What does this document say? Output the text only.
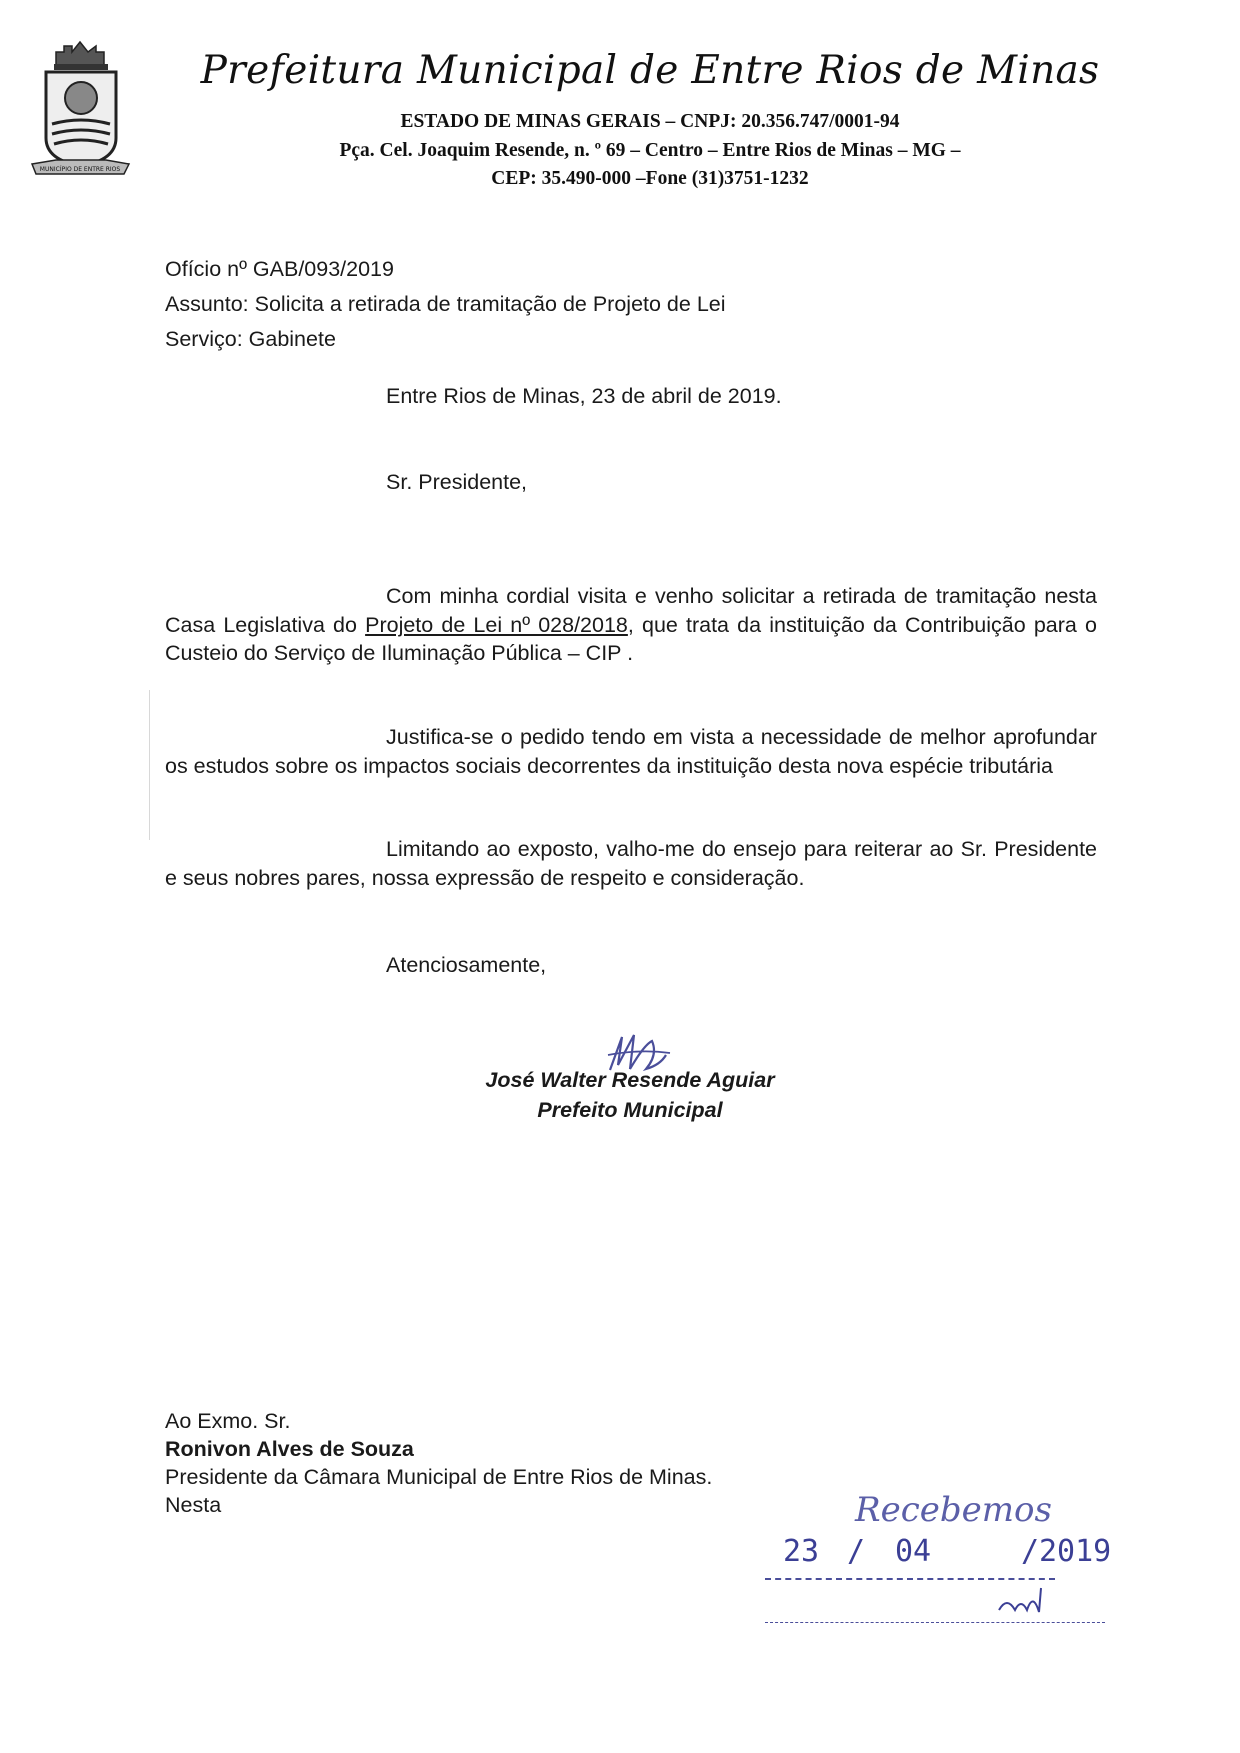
MUNICÍPIO DE ENTRE RIOS
Prefeitura Municipal de Entre Rios de Minas
ESTADO DE MINAS GERAIS – CNPJ: 20.356.747/0001-94
Pça. Cel. Joaquim Resende, n. º 69 – Centro – Entre Rios de Minas – MG –
CEP: 35.490-000 –Fone (31)3751-1232
Ofício nº GAB/093/2019
Assunto: Solicita a retirada de tramitação de Projeto de Lei
Serviço: Gabinete
Entre Rios de Minas, 23 de abril de 2019.
Sr. Presidente,
Com minha cordial visita e venho solicitar a retirada de tramitação nesta Casa Legislativa do Projeto de Lei nº 028/2018, que trata da instituição da Contribuição para o Custeio do Serviço de Iluminação Pública – CIP .
Justifica-se o pedido tendo em vista a necessidade de melhor aprofundar os estudos sobre os impactos sociais decorrentes da instituição desta nova espécie tributária
Limitando ao exposto, valho-me do ensejo para reiterar ao Sr. Presidente e seus nobres pares, nossa expressão de respeito e consideração.
Atenciosamente,
José Walter Resende Aguiar
Prefeito Municipal
Ao Exmo. Sr.
Ronivon Alves de Souza
Presidente da Câmara Municipal de Entre Rios de Minas.
Nesta	Recebemos
23 / 04	/ 2019
